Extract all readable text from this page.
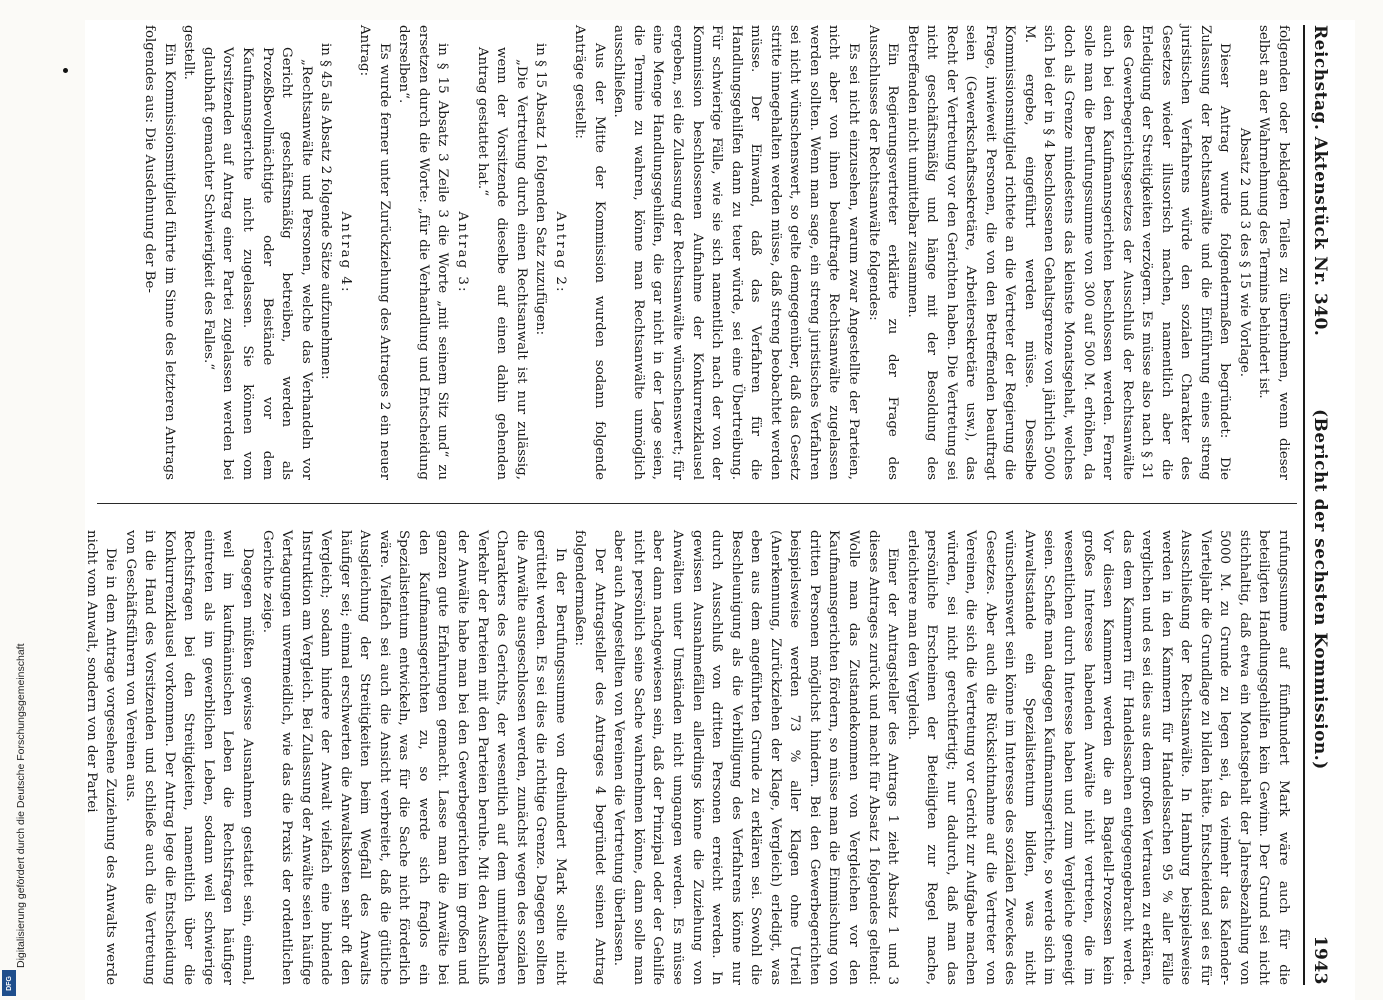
Digitalisierung gefördert durch die Deutsche Forschungsgemeinschaft
DFG
Reichstag. Aktenstück Nr. 340.
(Bericht der sechsten Kommission.)
1943

folgenden oder beklagten Teiles zu übernehmen, wenn dieser selbst an der Wahrnehmung des Termins behindert ist.

Absatz 2 und 3 des § 15 wie Vorlage.

Dieser Antrag wurde folgendermaßen begründet: Die Zulassung der Rechtsanwälte und die Einführung eines streng juristischen Verfahrens würde den sozialen Charakter des Gesetzes wieder illusorisch machen, namentlich aber die Erledigung der Streitigkeiten verzögern. Es müsse also nach § 31 des Gewerbegerichtsgesetzes der Ausschluß der Rechtsanwälte auch bei den Kaufmannsgerichten beschlossen werden. Ferner solle man die Berufungssumme von 300 auf 500 M. erhöhen, da doch als Grenze mindestens das kleinste Monatsgehalt, welches sich bei der in § 4 beschlossenen Gehaltsgrenze von jährlich 5000 M. ergebe, eingeführt werden müsse. Desselbe Kommissionsmitglied richtete an die Vertreter der Regierung die Frage, inwieweit Personen, die von den Betreffenden beauftragt seien (Gewerkschaftssekretäre, Arbeitersekretäre usw.), das Recht der Vertretung vor den Gerichten haben. Die Vertretung sei nicht geschäftsmäßig und hänge mit der Besoldung des Betreffenden nicht unmittelbar zusammen.

Ein Regierungsvertreter erklärte zu der Frage des Ausschlusses der Rechtsanwälte folgendes:

Es sei nicht einzusehen, warum zwar Angestellte der Parteien, nicht aber von ihnen beauftragte Rechtsanwälte zugelassen werden sollten. Wenn man sage, ein streng juristisches Verfahren sei nicht wünschenswert, so gelte demgegenüber, daß das Gesetz stritte innegehalten werden müsse, daß streng beobachtet werden müsse. Der Einwand, daß das Verfahren für die Handlungsgehilfen dann zu teuer würde, sei eine Übertreibung. Für schwierige Fälle, wie sie sich namentlich nach der von der Kommission beschlossenen Aufnahme der Konkurrenzklausel ergeben, sei die Zulassung der Rechtsanwälte wünschenswert; für eine Menge Handlungsgehilfen, die gar nicht in der Lage seien, die Termine zu wahren, könne man Rechtsanwälte unmöglich ausschließen.

Aus der Mitte der Kommission wurden sodann folgende Anträge gestellt:

Antrag 2:

in § 15 Absatz 1 folgenden Satz zuzufügen:

„Die Vertretung durch einen Rechtsanwalt ist nur zulässig, wenn der Vorsitzende dieselbe auf einen dahin gehenden Antrag gestattet hat.“

Antrag 3:

in § 15 Absatz 3 Zeile 3 die Worte „mit seinem Sitz und“ zu ersetzen durch die Worte: „für die Verhandlung und Entscheidung derselben“.

Es wurde ferner unter Zurückziehung des Antrages 2 ein neuer Antrag:

Antrag 4:

in § 45 als Absatz 2 folgende Sätze aufzunehmen:

„Rechtsanwälte und Personen, welche das Verhandeln vor Gericht geschäftsmäßig betreiben, werden als Prozeßbevollmächtigte oder Beistände vor dem Kaufmannsgerichte nicht zugelassen. Sie können vom Vorsitzenden auf Antrag einer Partei zugelassen werden bei glaubhaft gemachter Schwierigkeit des Falles.“

gestellt.

Ein Kommissionsmitglied führte im Sinne des letzteren Antrags folgendes aus: Die Ausdehnung der Be-

rufungssumme auf fünfhundert Mark wäre auch für die beteiligten Handlungsgehilfen kein Gewinn. Der Grund sei nicht stichhaltig, daß etwa ein Monatsgehalt der Jahresbezahlung von 5000 M. zu Grunde zu legen sei, da vielmehr das Kalender-Vierteljahr die Grundlage zu bilden hätte. Entscheidend sei es für Ausschließung der Rechtsanwälte. In Hamburg beispielsweise werden in den Kammern für Handelssachen 95 % aller Fälle verglichen und es sei dies aus dem großen Vertrauen zu erklären, das dem Kammern für Handelssachen entgegengebracht werde. Vor diesen Kammern werden die an Bagatell-Prozessen kein großes Interesse habenden Anwälte nicht vertreten, die im wesentlichen durch Interesse haben und zum Vergleiche geneigt seien. Schaffe man dagegen Kaufmannsgerichte, so werde sich im Anwaltsstande ein Spezialistentum bilden, was nicht wünschenswert sein könne im Interesse des sozialen Zweckes des Gesetzes. Aber auch die Rücksichtnahme auf die Vertreter von Vereinen, die sich die Vertretung vor Gericht zur Aufgabe machen würden, sei nicht gerechtfertigt; nur dadurch, daß man das persönliche Erscheinen der Beteiligten zur Regel mache, erleichtere man den Vergleich.

Einer der Antragsteller des Antrags 1 zieht Absatz 1 und 3 dieses Antrages zurück und macht für Absatz 1 folgendes geltend: Wolle man das Zustandekommen von Vergleichen vor den Kaufmannsgerichten fördern, so müsse man die Einmischung von dritten Personen möglichst hindern. Bei den Gewerbegerichten beispielsweise werden 73 % aller Klagen ohne Urteil (Anerkennung, Zurückziehen der Klage, Vergleich) erledigt, was eben aus dem angeführten Grunde zu erklären sei. Sowohl die Beschleunigung als die Verbilligung des Verfahrens könne nur durch Ausschluß von dritten Personen erreicht werden. In gewissen Ausnahmefällen allerdings könne die Zuziehung von Anwälten unter Umständen nicht umgangen werden. Es müsse aber dann nachgewiesen sein, daß der Prinzipal oder der Gehilfe nicht persönlich seine Sache wahrnehmen könne, dann solle man aber auch Angestellten von Vereinen die Vertretung überlassen.

Der Antragsteller des Antrages 4 begründet seinen Antrag folgendermaßen:

In der Berufungssumme von dreihundert Mark sollte nicht gerüttelt werden. Es sei dies die richtige Grenze. Dagegen sollten die Anwälte ausgeschlossen werden, zunächst wegen des sozialen Charakters des Gerichts, der wesentlich auf dem unmittelbaren Verkehr der Parteien mit den Parteien beruhe. Mit den Ausschluß der Anwälte habe man bei den Gewerbegerichten im großen und ganzen gute Erfahrungen gemacht. Lasse man die Anwälte bei den Kaufmannsgerichten zu, so werde sich fraglos ein Spezialistentum entwickeln, was für die Sache nicht förderlich wäre. Vielfach sei auch die Ansicht verbreitet, daß die gütliche Ausgleichung der Streitigkeiten beim Wegfall des Anwalts häufiger sei; einmal erschwerten die Anwaltskosten sehr oft den Vergleich; sodann hindere der Anwalt vielfach eine bindende Instruktion am Vergleich. Bei Zulassung der Anwälte seien häufige Vertagungen unvermeidlich, wie das die Praxis der ordentlichen Gerichte zeige.

Dagegen müßten gewisse Ausnahmen gestattet sein, einmal, weil im kaufmännischen Leben die Rechtsfragen häufiger eintreten als im gewerblichen Leben, sodann weil schwierige Rechtsfragen bei den Streitigkeiten, namentlich über die Konkurrenzklausel vorkommen. Der Antrag lege die Entscheidung in die Hand des Vorsitzenden und schließe auch die Vertretung von Geschäftsführern von Vereinen aus.

Die in dem Antrage vorgesehene Zuziehung des Anwalts werde nicht vom Anwalt, sondern von der Partei
